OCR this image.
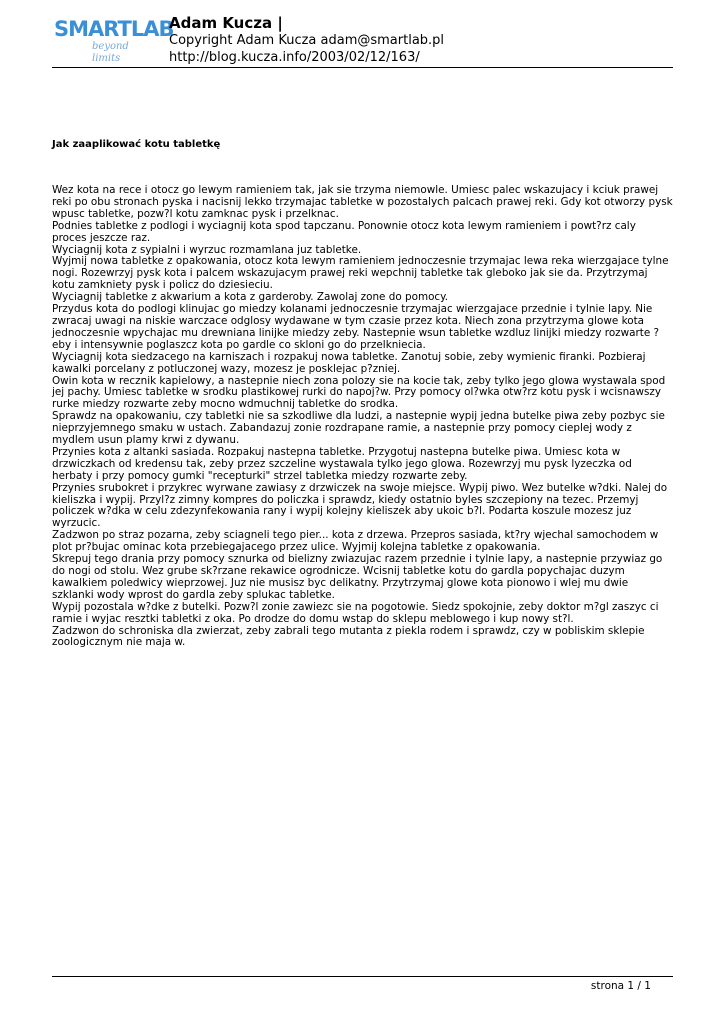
SMARTLAB
beyond limits
Adam Kucza |
Copyright Adam Kucza adam@smartlab.pl
http://blog.kucza.info/2003/02/12/163/
Jak zaaplikować kotu tabletkę

Wez kota na rece i otocz go lewym ramieniem tak, jak sie trzyma niemowle. Umiesc palec wskazujacy i kciuk prawej reki po obu stronach pyska i nacisnij lekko trzymajac tabletke w pozostalych palcach prawej reki. Gdy kot otworzy pysk wpusc tabletke, pozw?l kotu zamknac pysk i przelknac.

Podnies tabletke z podlogi i wyciagnij kota spod tapczanu. Ponownie otocz kota lewym ramieniem i powt?rz caly proces jeszcze raz.

Wyciagnij kota z sypialni i wyrzuc rozmamlana juz tabletke.

Wyjmij nowa tabletke z opakowania, otocz kota lewym ramieniem jednoczesnie trzymajac lewa reka wierzgajace tylne nogi. Rozewrzyj pysk kota i palcem wskazujacym prawej reki wepchnij tabletke tak gleboko jak sie da. Przytrzymaj kotu zamkniety pysk i policz do dziesieciu.

Wyciagnij tabletke z akwarium a kota z garderoby. Zawolaj zone do pomocy.

Przydus kota do podlogi klinujac go miedzy kolanami jednoczesnie trzymajac wierzgajace przednie i tylnie lapy. Nie zwracaj uwagi na niskie warczace odglosy wydawane w tym czasie przez kota. Niech zona przytrzyma glowe kota jednoczesnie wpychajac mu drewniana linijke miedzy zeby. Nastepnie wsun tabletke wzdluz linijki miedzy rozwarte ?eby i intensywnie poglaszcz kota po gardle co skloni go do przelkniecia.

Wyciagnij kota siedzacego na karniszach i rozpakuj nowa tabletke. Zanotuj sobie, zeby wymienic firanki. Pozbieraj kawalki porcelany z potluczonej wazy, mozesz je posklejac p?zniej.

Owin kota w recznik kapielowy, a nastepnie niech zona polozy sie na kocie tak, zeby tylko jego glowa wystawala spod jej pachy. Umiesc tabletke w srodku plastikowej rurki do napoj?w. Przy pomocy ol?wka otw?rz kotu pysk i wcisnawszy rurke miedzy rozwarte zeby mocno wdmuchnij tabletke do srodka.

Sprawdz na opakowaniu, czy tabletki nie sa szkodliwe dla ludzi, a nastepnie wypij jedna butelke piwa zeby pozbyc sie nieprzyjemnego smaku w ustach. Zabandazuj zonie rozdrapane ramie, a nastepnie przy pomocy cieplej wody z mydlem usun plamy krwi z dywanu.

Przynies kota z altanki sasiada. Rozpakuj nastepna tabletke. Przygotuj nastepna butelke piwa. Umiesc kota w drzwiczkach od kredensu tak, zeby przez szczeline wystawala tylko jego glowa. Rozewrzyj mu pysk lyzeczka od herbaty i przy pomocy gumki "recepturki" strzel tabletka miedzy rozwarte zeby.

Przynies srubokret i przykrec wyrwane zawiasy z drzwiczek na swoje miejsce. Wypij piwo. Wez butelke w?dki. Nalej do kieliszka i wypij. Przyl?z zimny kompres do policzka i sprawdz, kiedy ostatnio byles szczepiony na tezec. Przemyj policzek w?dka w celu zdezynfekowania rany i wypij kolejny kieliszek aby ukoic b?l. Podarta koszule mozesz juz wyrzucic.

Zadzwon po straz pozarna, zeby sciagneli tego pier... kota z drzewa. Przepros sasiada, kt?ry wjechal samochodem w plot pr?bujac ominac kota przebiegajacego przez ulice. Wyjmij kolejna tabletke z opakowania.

Skrepuj tego drania przy pomocy sznurka od bielizny zwiazujac razem przednie i tylnie lapy, a nastepnie przywiaz go do nogi od stolu. Wez grube sk?rzane rekawice ogrodnicze. Wcisnij tabletke kotu do gardla popychajac duzym kawalkiem poledwicy wieprzowej. Juz nie musisz byc delikatny. Przytrzymaj glowe kota pionowo i wlej mu dwie szklanki wody wprost do gardla zeby splukac tabletke.

Wypij pozostala w?dke z butelki. Pozw?l zonie zawiezc sie na pogotowie. Siedz spokojnie, zeby doktor m?gl zaszyc ci ramie i wyjac resztki tabletki z oka. Po drodze do domu wstap do sklepu meblowego i kup nowy st?l.

Zadzwon do schroniska dla zwierzat, zeby zabrali tego mutanta z piekla rodem i sprawdz, czy w pobliskim sklepie zoologicznym nie maja w.

strona 1 / 1
